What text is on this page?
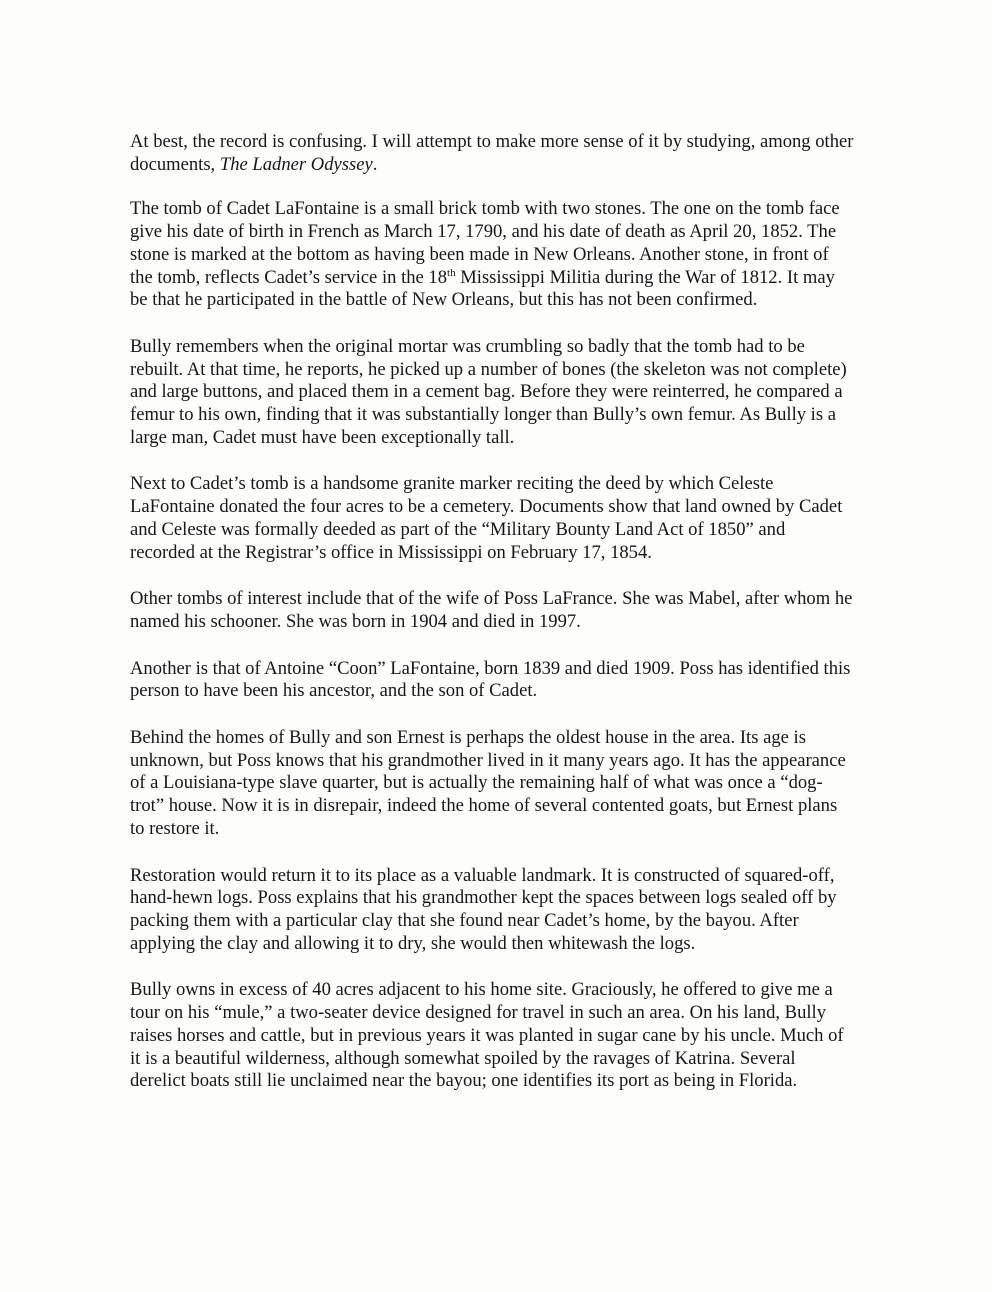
At best, the record is confusing. I will attempt to make more sense of it by studying, among other documents, The Ladner Odyssey.

The tomb of Cadet LaFontaine is a small brick tomb with two stones. The one on the tomb face give his date of birth in French as March 17, 1790, and his date of death as April 20, 1852. The stone is marked at the bottom as having been made in New Orleans. Another stone, in front of the tomb, reflects Cadet’s service in the 18th Mississippi Militia during the War of 1812. It may be that he participated in the battle of New Orleans, but this has not been confirmed.

Bully remembers when the original mortar was crumbling so badly that the tomb had to be rebuilt. At that time, he reports, he picked up a number of bones (the skeleton was not complete) and large buttons, and placed them in a cement bag. Before they were reinterred, he compared a femur to his own, finding that it was substantially longer than Bully’s own femur. As Bully is a large man, Cadet must have been exceptionally tall.

Next to Cadet’s tomb is a handsome granite marker reciting the deed by which Celeste LaFontaine donated the four acres to be a cemetery. Documents show that land owned by Cadet and Celeste was formally deeded as part of the “Military Bounty Land Act of 1850” and recorded at the Registrar’s office in Mississippi on February 17, 1854.

Other tombs of interest include that of the wife of Poss LaFrance. She was Mabel, after whom he named his schooner. She was born in 1904 and died in 1997.

Another is that of Antoine “Coon” LaFontaine, born 1839 and died 1909. Poss has identified this person to have been his ancestor, and the son of Cadet.

Behind the homes of Bully and son Ernest is perhaps the oldest house in the area. Its age is unknown, but Poss knows that his grandmother lived in it many years ago. It has the appearance of a Louisiana-type slave quarter, but is actually the remaining half of what was once a “dog-trot” house. Now it is in disrepair, indeed the home of several contented goats, but Ernest plans to restore it.

Restoration would return it to its place as a valuable landmark. It is constructed of squared-off, hand-hewn logs. Poss explains that his grandmother kept the spaces between logs sealed off by packing them with a particular clay that she found near Cadet’s home, by the bayou. After applying the clay and allowing it to dry, she would then whitewash the logs.

Bully owns in excess of 40 acres adjacent to his home site. Graciously, he offered to give me a tour on his “mule,” a two-seater device designed for travel in such an area. On his land, Bully raises horses and cattle, but in previous years it was planted in sugar cane by his uncle. Much of it is a beautiful wilderness, although somewhat spoiled by the ravages of Katrina. Several derelict boats still lie unclaimed near the bayou; one identifies its port as being in Florida.
